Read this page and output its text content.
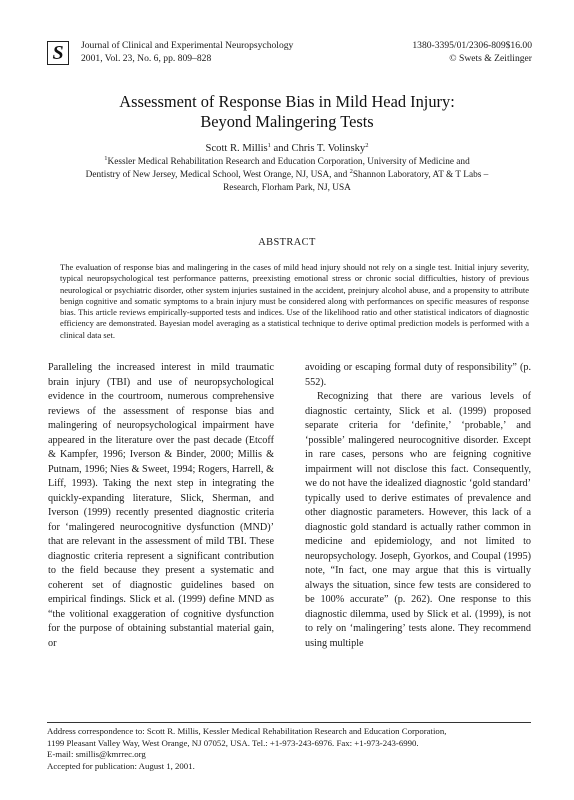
S	Journal of Clinical and Experimental Neuropsychology
2001, Vol. 23, No. 6, pp. 809–828
1380-3395/01/2306-809$16.00
© Swets & Zeitlinger
Assessment of Response Bias in Mild Head Injury:
Beyond Malingering Tests
Scott R. Millis$^1$ and Chris T. Volinsky$^2$
$^1$Kessler Medical Rehabilitation Research and Education Corporation, University of Medicine and
Dentistry of New Jersey, Medical School, West Orange, NJ, USA, and $^2$Shannon Laboratory, AT & T Labs –
Research, Florham Park, NJ, USA
ABSTRACT
The evaluation of response bias and malingering in the cases of mild head injury should not rely on a single test. Initial injury severity, typical neuropsychological test performance patterns, preexisting emotional stress or chronic social difficulties, history of previous neurological or psychiatric disorder, other system injuries sustained in the accident, preinjury alcohol abuse, and a propensity to attribute benign cognitive and somatic symptoms to a brain injury must be considered along with performances on specific measures of response bias. This article reviews empirically-supported tests and indices. Use of the likelihood ratio and other statistical indicators of diagnostic efficiency are demonstrated. Bayesian model averaging as a statistical technique to derive optimal prediction models is performed with a clinical data set.

Paralleling the increased interest in mild traumatic brain injury (TBI) and use of neuropsychological evidence in the courtroom, numerous comprehensive reviews of the assessment of response bias and malingering of neuropsychological impairment have appeared in the literature over the past decade (Etcoff & Kampfer, 1996; Iverson & Binder, 2000; Millis & Putnam, 1996; Nies & Sweet, 1994; Rogers, Harrell, & Liff, 1993). Taking the next step in integrating the quickly-expanding literature, Slick, Sherman, and Iverson (1999) recently presented diagnostic criteria for ‘malingered neurocognitive dysfunction (MND)’ that are relevant in the assessment of mild TBI. These diagnostic criteria represent a significant contribution to the field because they present a systematic and coherent set of diagnostic guidelines based on empirical findings. Slick et al. (1999) define MND as “the volitional exaggeration of cognitive dysfunction for the purpose of obtaining substantial material gain, or

avoiding or escaping formal duty of responsibility” (p. 552).

Recognizing that there are various levels of diagnostic certainty, Slick et al. (1999) proposed separate criteria for ‘definite,’ ‘probable,’ and ‘possible’ malingered neurocognitive disorder. Except in rare cases, persons who are feigning cognitive impairment will not disclose this fact. Consequently, we do not have the idealized diagnostic ‘gold standard’ typically used to derive estimates of prevalence and other diagnostic parameters. However, this lack of a diagnostic gold standard is actually rather common in medicine and epidemiology, and not limited to neuropsychology. Joseph, Gyorkos, and Coupal (1995) note, “In fact, one may argue that this is virtually always the situation, since few tests are considered to be 100% accurate” (p. 262). One response to this diagnostic dilemma, used by Slick et al. (1999), is not to rely on ‘malingering’ tests alone. They recommend using multiple

Address correspondence to: Scott R. Millis, Kessler Medical Rehabilitation Research and Education Corporation,
1199 Pleasant Valley Way, West Orange, NJ 07052, USA. Tel.: +1-973-243-6976. Fax: +1-973-243-6990.
E-mail: smillis@kmrrec.org
Accepted for publication: August 1, 2001.
